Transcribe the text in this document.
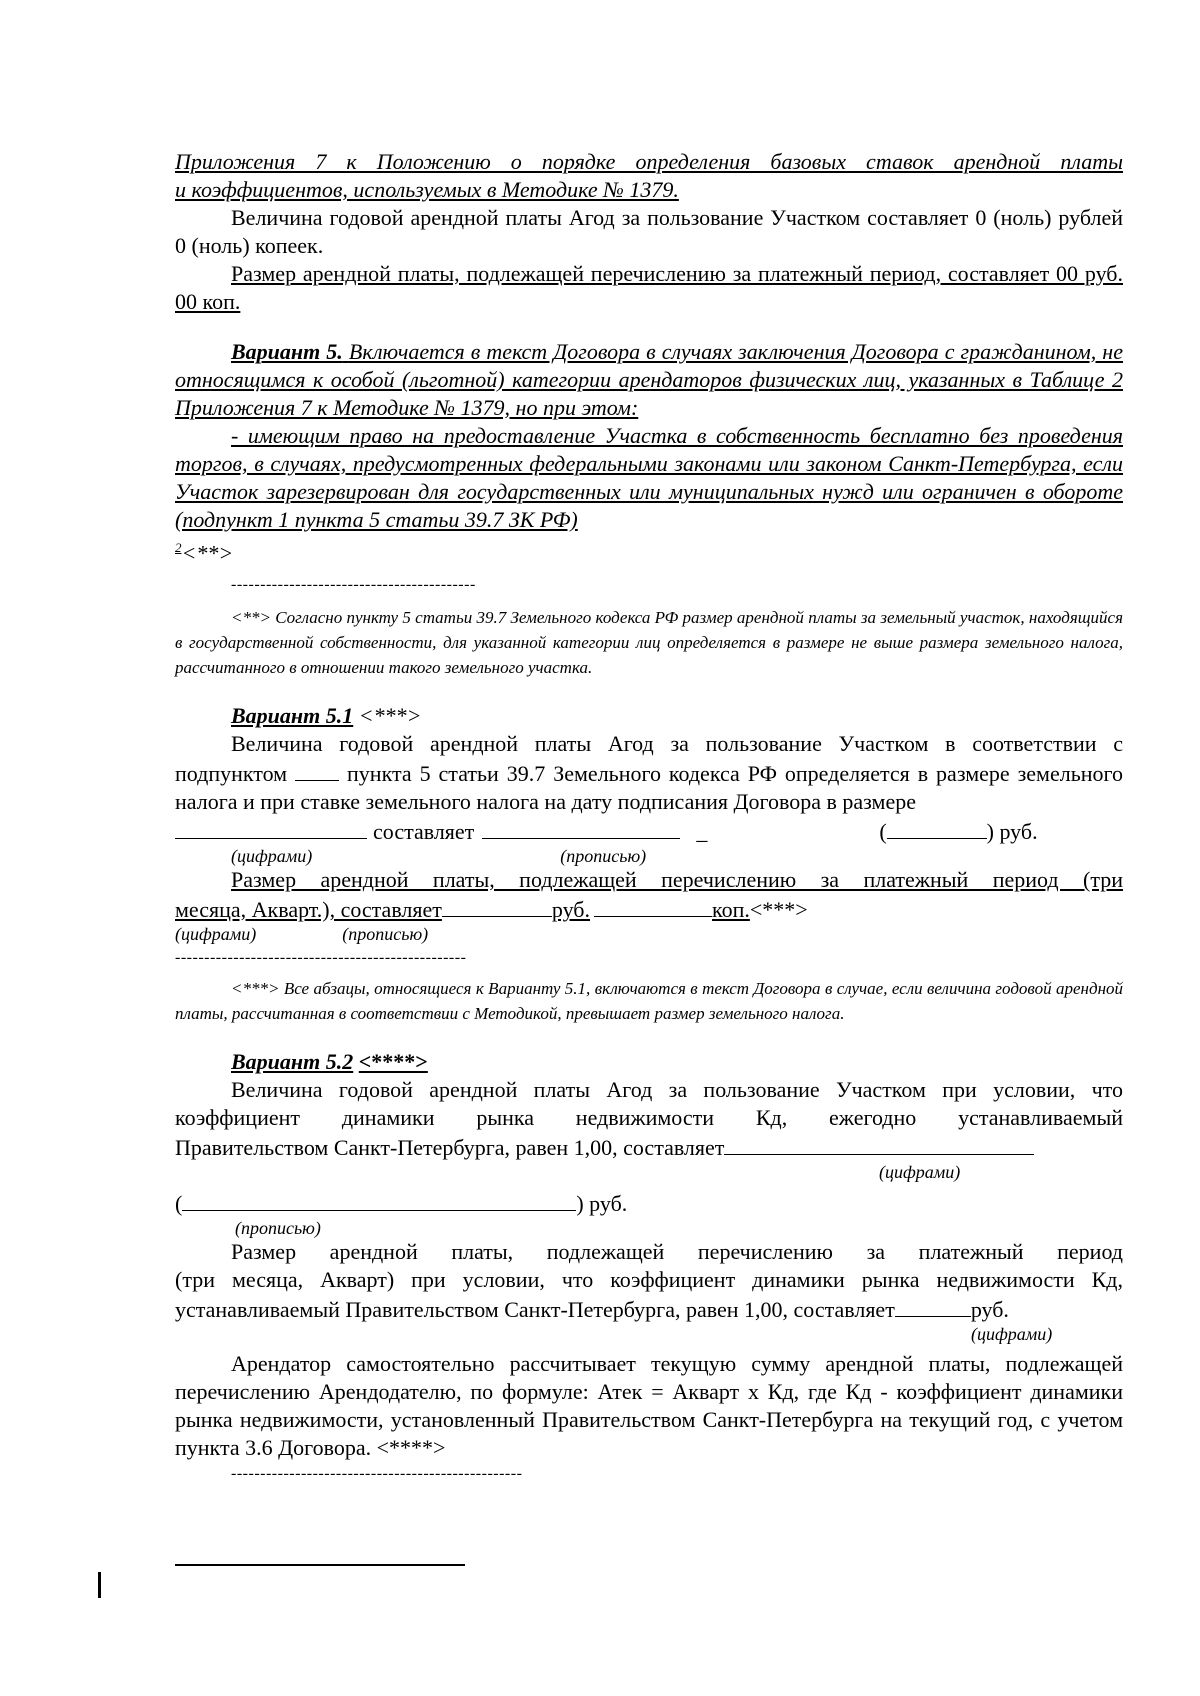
Приложения 7 к Положению о порядке определения базовых ставок арендной платы

и коэффициентов, используемых в Методике № 1379.

Величина годовой арендной платы Агод за пользование Участком составляет 0 (ноль) рублей 0 (ноль) копеек.

Размер арендной платы, подлежащей перечислению за платежный период, составляет 00 руб. 00 коп.

Вариант 5. Включается в текст Договора в случаях заключения Договора с гражданином, не относящимся к особой (льготной) категории арендаторов физических лиц, указанных в Таблице 2 Приложения 7 к Методике № 1379, но при этом:

- имеющим право на предоставление Участка в собственность бесплатно без проведения торгов, в случаях, предусмотренных федеральными законами или законом Санкт-Петербурга, если Участок зарезервирован для государственных или муниципальных нужд или ограничен в обороте (подпункт 1 пункта 5 статьи 39.7 ЗК РФ)

$^2$<**>

------------------------------------------

<**> Согласно пункту 5 статьи 39.7 Земельного кодекса РФ размер арендной платы за земельный участок, находящийся в государственной собственности, для указанной категории лиц определяется в размере не выше размера земельного налога, рассчитанного в отношении такого земельного участка.

Вариант 5.1 <***>

Величина годовой арендной платы Агод за пользование Участком в соответствии с подпунктом  пункта 5 статьи 39.7 Земельного кодекса РФ определяется в размере земельного налога и при ставке земельного налога на дату подписания Договора в размере

составляет	_	(	) руб.
(цифрами)	(прописью)

Размер арендной платы, подлежащей перечислению за платежный период (три

месяца, Акварт.), составляет	руб.	коп. <***>
(цифрами)	(прописью)

--------------------------------------------------

<***> Все абзацы, относящиеся к Варианту 5.1, включаются в текст Договора в случае, если величина годовой арендной платы, рассчитанная в соответствии с Методикой, превышает размер земельного налога.

Вариант 5.2 <****>

Величина годовой арендной платы Агод за пользование Участком при условии, что

коэффициент динамики рынка недвижимости Кд, ежегодно устанавливаемый

Правительством Санкт-Петербурга, равен 1,00, составляет
(цифрами)
(	) руб.
(прописью)

Размер арендной платы, подлежащей перечислению за платежный период

(три месяца, Акварт) при условии, что коэффициент динамики рынка недвижимости Кд,

устанавливаемый Правительством Санкт-Петербурга, равен 1,00, составляет	руб.
(цифрами)

Арендатор самостоятельно рассчитывает текущую сумму арендной платы, подлежащей перечислению Арендодателю, по формуле: Атек = Акварт х Кд, где Кд - коэффициент динамики рынка недвижимости, установленный Правительством Санкт-Петербурга на текущий год, с учетом пункта 3.6 Договора. <****>

--------------------------------------------------
